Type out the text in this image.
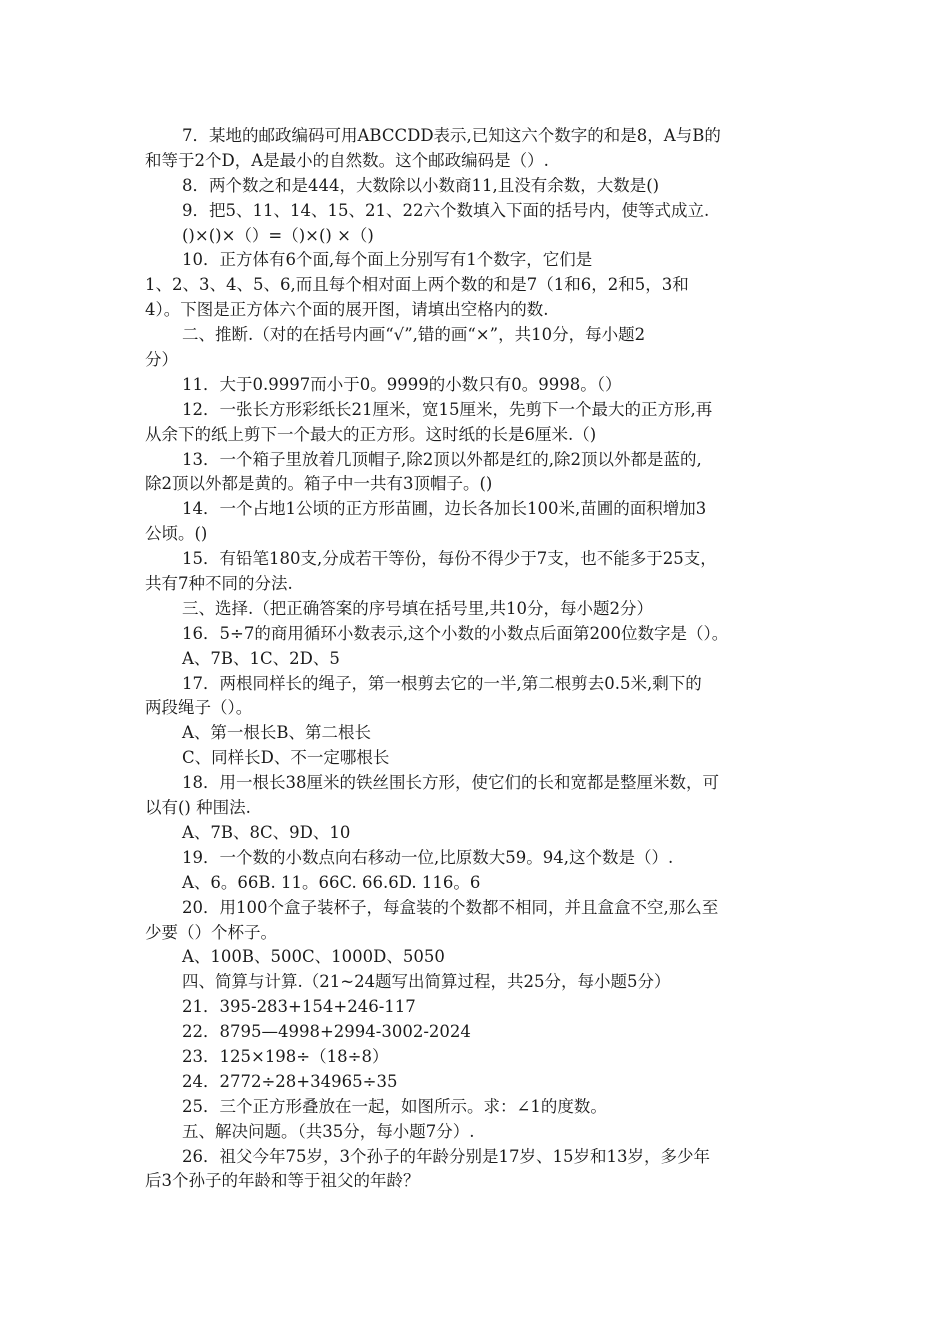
7．某地的邮政编码可用ABCCDD表示,已知这六个数字的和是8，A与B的
和等于2个D，A是最小的自然数。这个邮政编码是（）.
8．两个数之和是444，大数除以小数商11,且没有余数，大数是()
9．把5、11、14、15、21、22六个数填入下面的括号内，使等式成立.
()×()×（）=（)×() ×（)
10．正方体有6个面,每个面上分别写有1个数字，它们是
1、2、3、4、5、6,而且每个相对面上两个数的和是7（1和6，2和5，3和
4）。下图是正方体六个面的展开图，请填出空格内的数.
二、推断.（对的在括号内画“√”,错的画“×”，共10分，每小题2
分）
11．大于0.9997而小于0。9999的小数只有0。9998。（）
12．一张长方形彩纸长21厘米，宽15厘米，先剪下一个最大的正方形,再
从余下的纸上剪下一个最大的正方形。这时纸的长是6厘米.（)
13．一个箱子里放着几顶帽子,除2顶以外都是红的,除2顶以外都是蓝的,
除2顶以外都是黄的。箱子中一共有3顶帽子。()
14．一个占地1公顷的正方形苗圃，边长各加长100米,苗圃的面积增加3
公顷。()
15．有铅笔180支,分成若干等份，每份不得少于7支，也不能多于25支，
共有7种不同的分法.
三、选择.（把正确答案的序号填在括号里,共10分，每小题2分）
16．5÷7的商用循环小数表示,这个小数的小数点后面第200位数字是（）。
A、7B、1C、2D、5
17．两根同样长的绳子，第一根剪去它的一半,第二根剪去0.5米,剩下的
两段绳子（）。
A、第一根长B、第二根长
C、同样长D、不一定哪根长
18．用一根长38厘米的铁丝围长方形，使它们的长和宽都是整厘米数，可
以有() 种围法.
A、7B、8C、9D、10
19．一个数的小数点向右移动一位,比原数大59。94,这个数是（）.
A、6。66B. 11。66C. 66.6D. 116。6
20．用100个盒子装杯子，每盒装的个数都不相同，并且盒盒不空,那么至
少要（）个杯子。
A、100B、500C、1000D、5050
四、简算与计算.（21~24题写出简算过程，共25分，每小题5分）
21．395-283+154+246-117
22．8795—4998+2994-3002-2024
23．125×198÷（18÷8）
24．2772÷28+34965÷35
25．三个正方形叠放在一起，如图所示。求：∠1的度数。
五、解决问题。（共35分，每小题7分）.
26．祖父今年75岁，3个孙子的年龄分别是17岁、15岁和13岁，多少年
后3个孙子的年龄和等于祖父的年龄？
